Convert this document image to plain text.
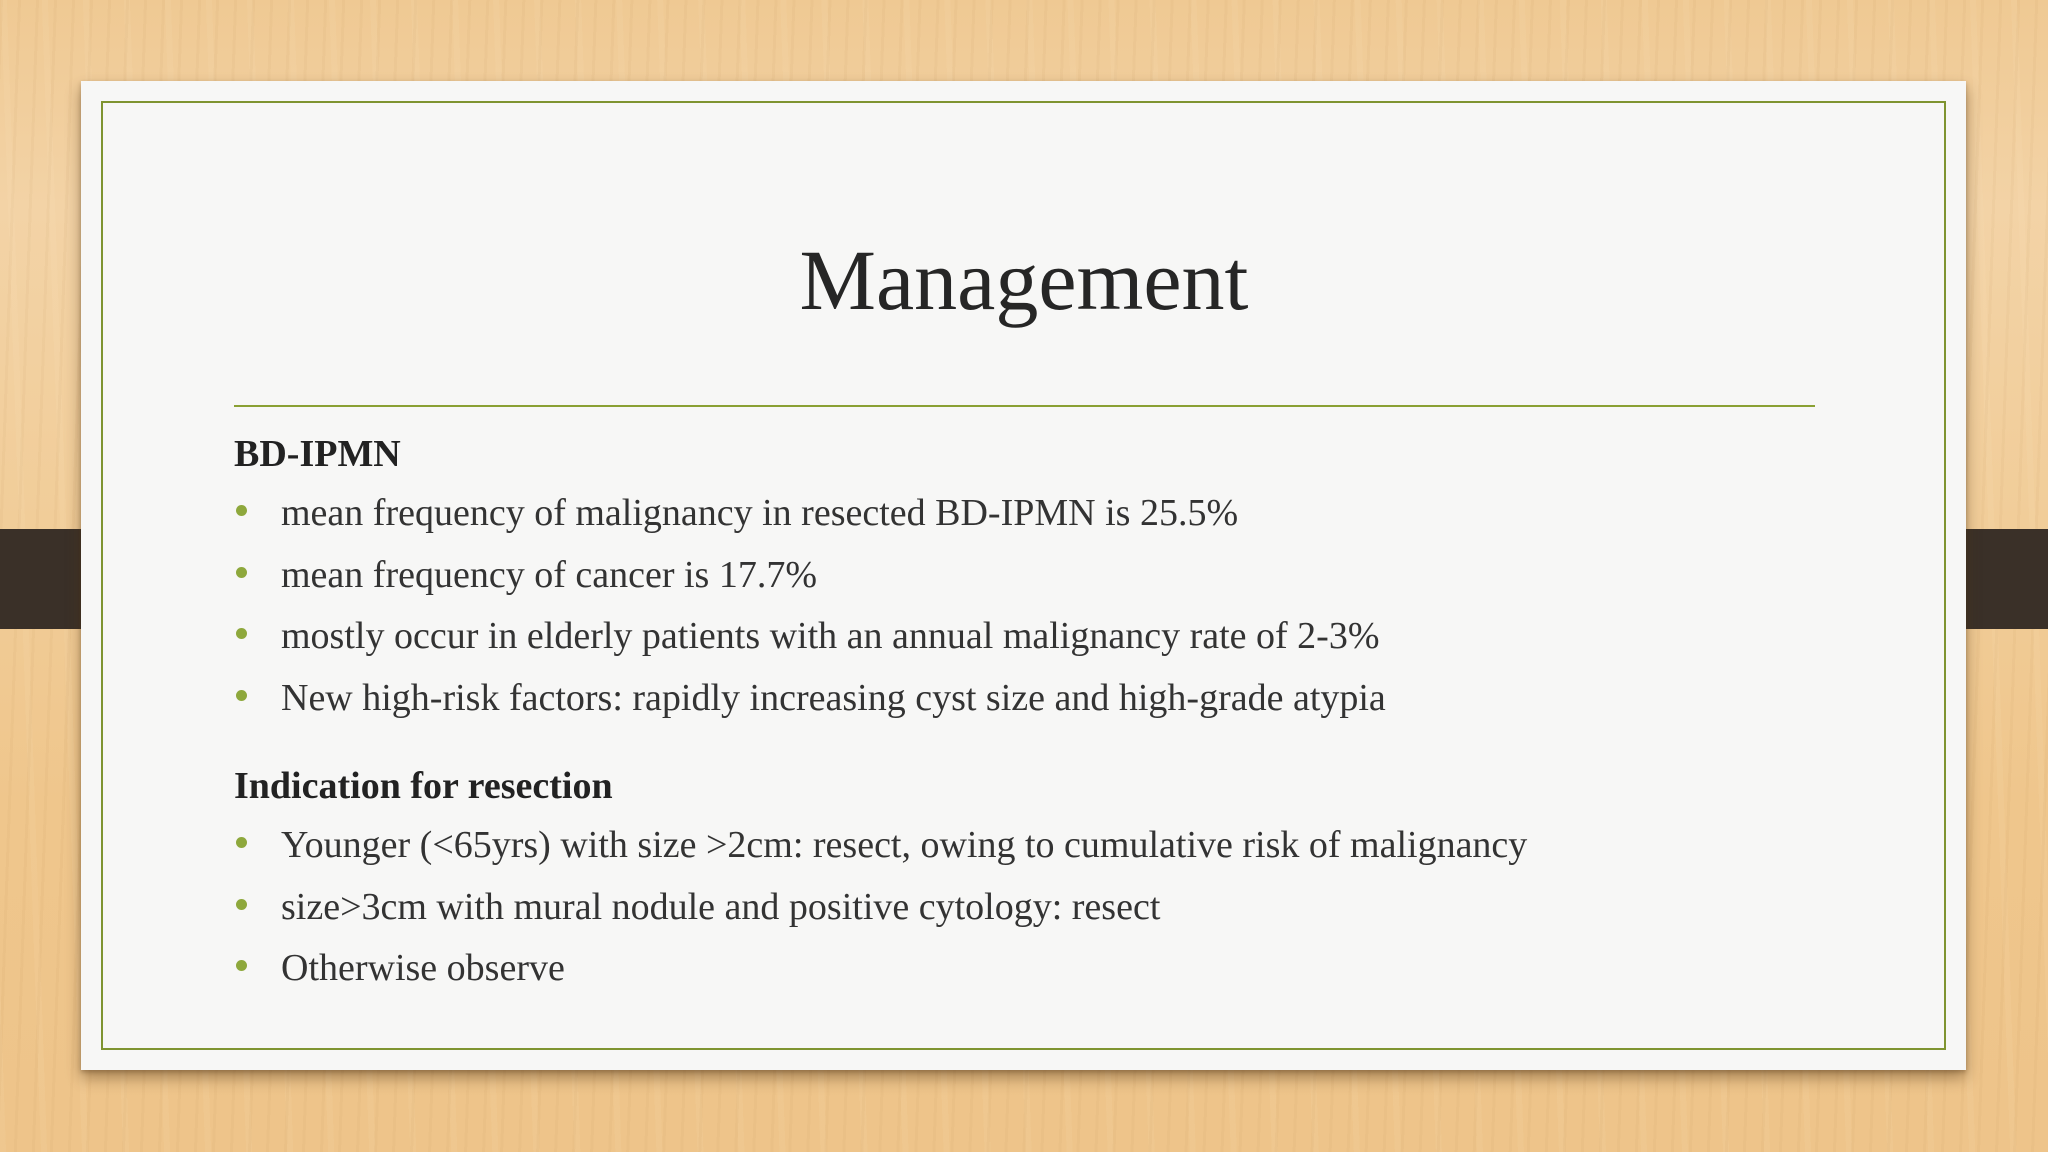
Management

BD-IPMN

mean frequency of malignancy in resected BD-IPMN is 25.5%
mean frequency of cancer is 17.7%
mostly occur in elderly patients with an annual malignancy rate of 2-3%
New high-risk factors: rapidly increasing cyst size and high-grade atypia

Indication for resection

Younger (<65yrs) with size >2cm: resect, owing to cumulative risk of malignancy
size>3cm with mural nodule and positive cytology: resect
Otherwise observe
